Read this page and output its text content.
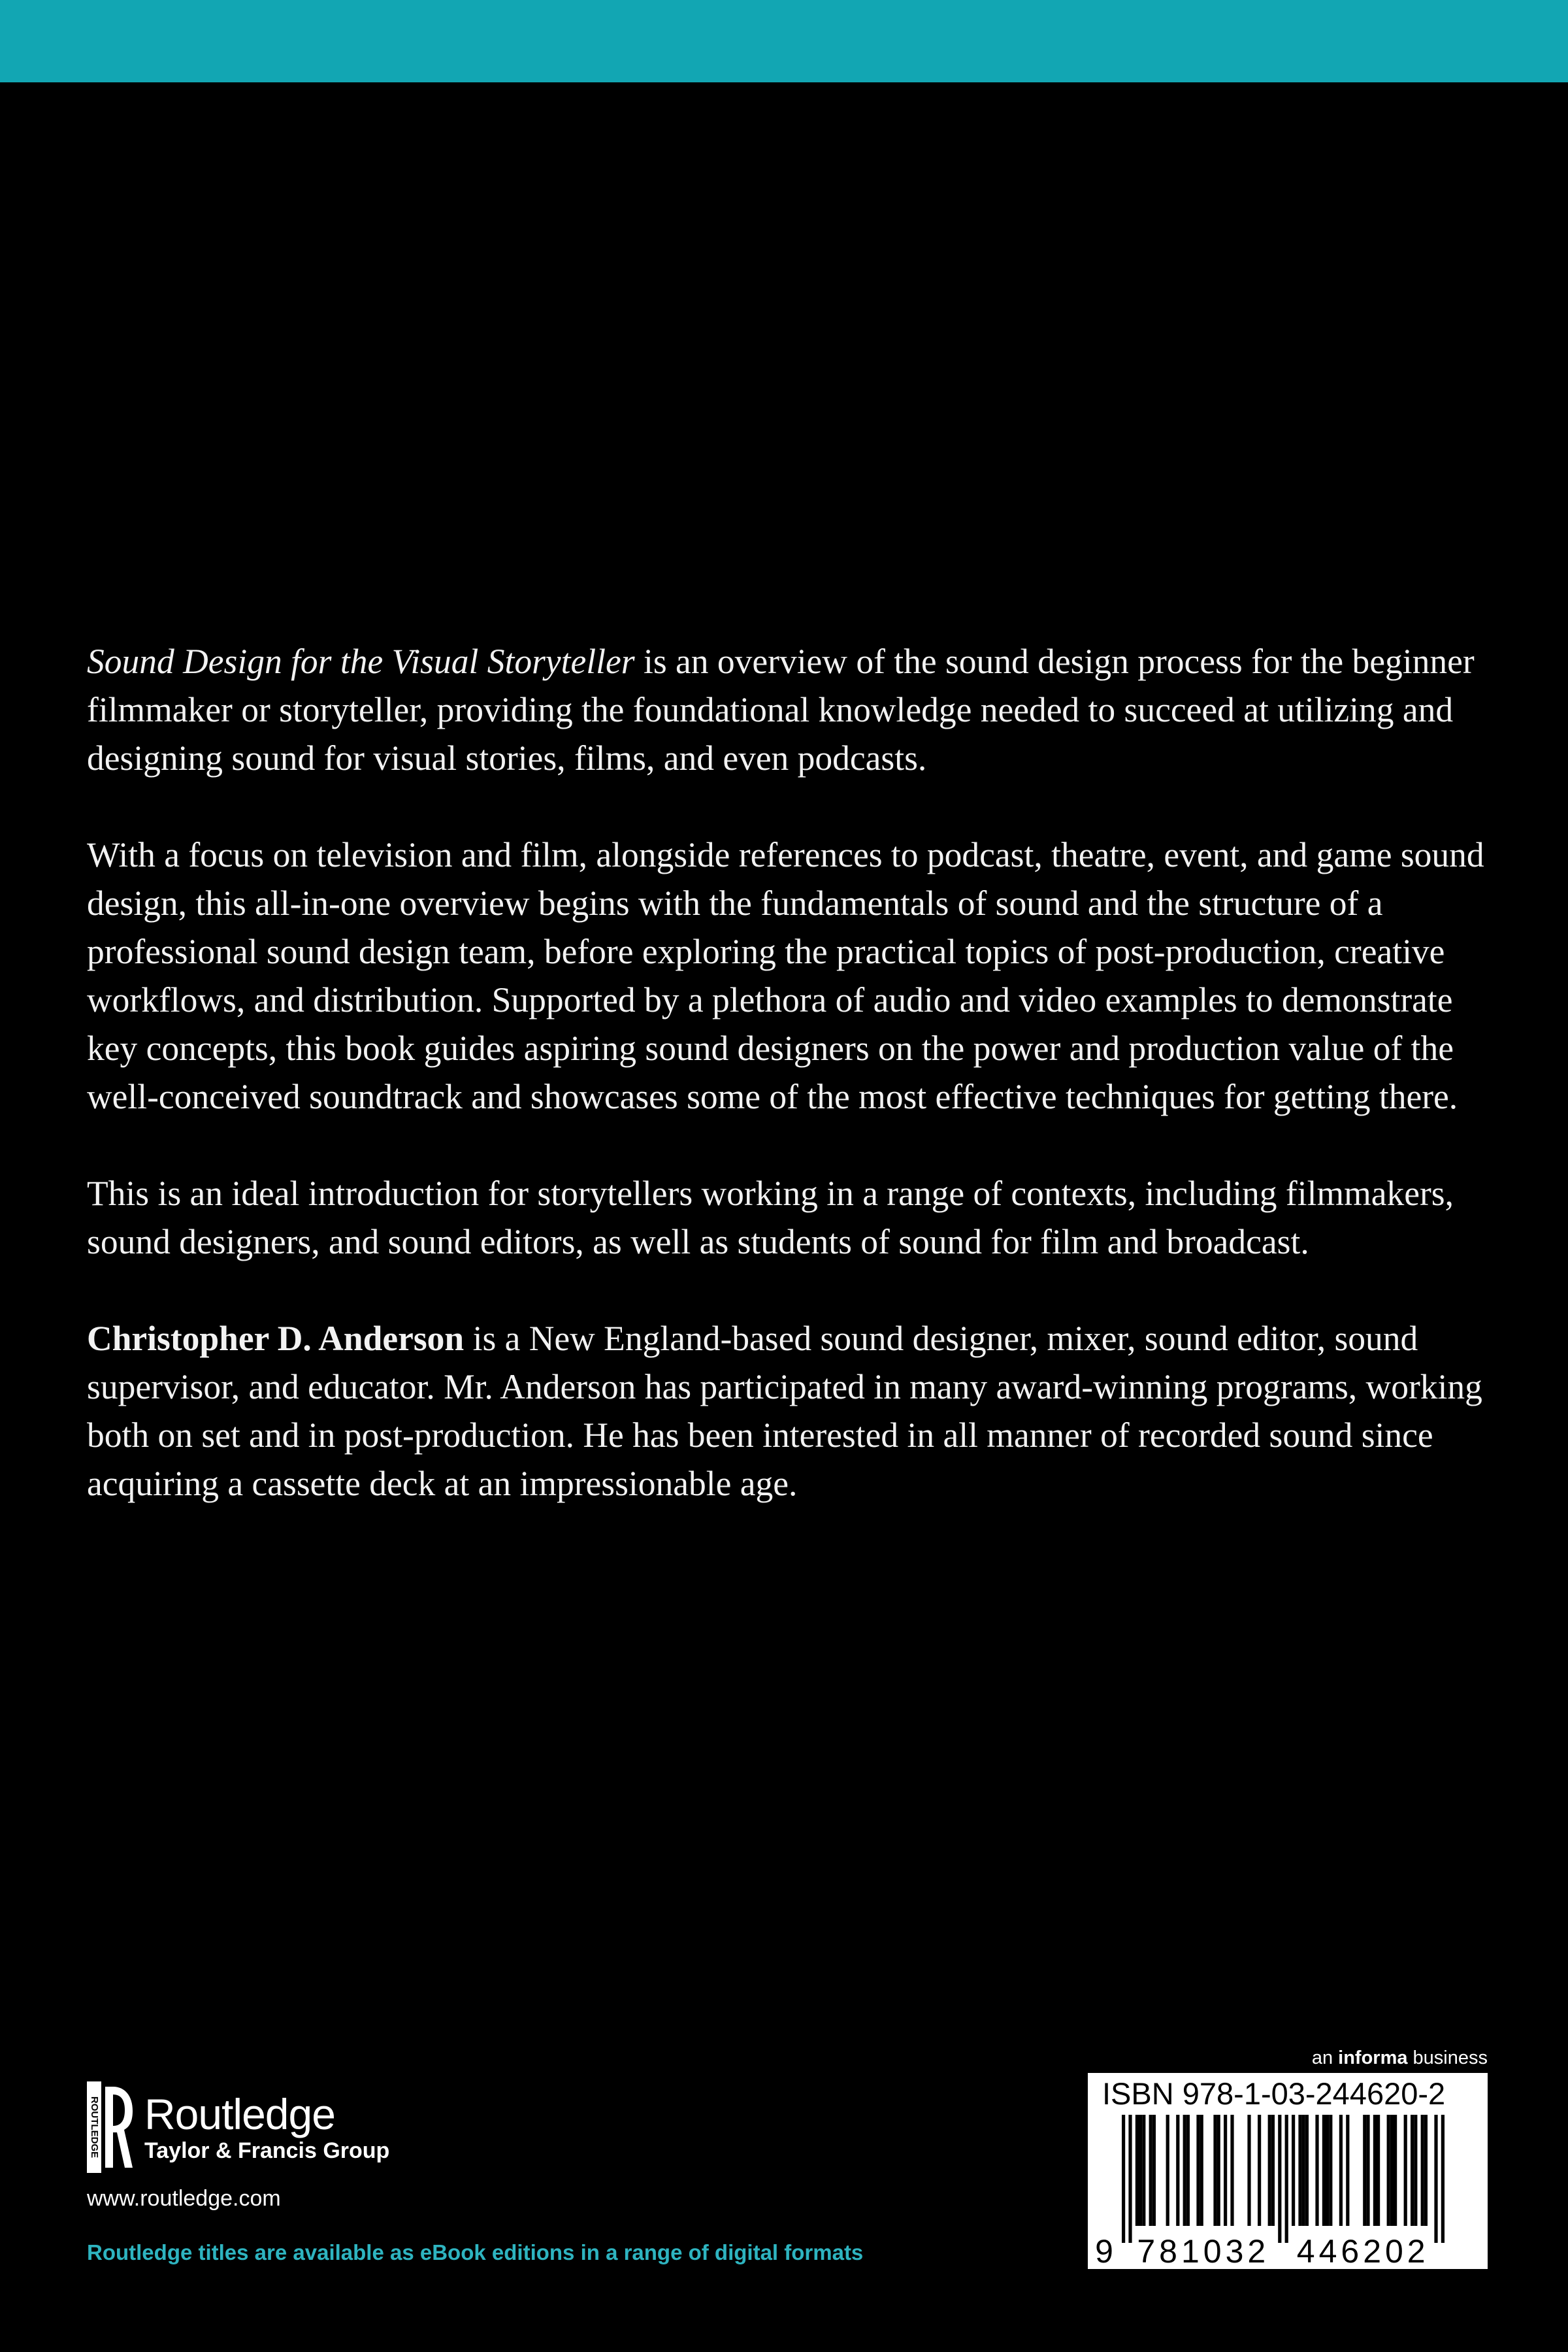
Sound Design for the Visual Storyteller is an overview of the sound design process for the beginner filmmaker or storyteller, providing the foundational knowledge needed to succeed at utilizing and designing sound for visual stories, films, and even podcasts.

With a focus on television and film, alongside references to podcast, theatre, event, and game sound design, this all-in-one overview begins with the fundamentals of sound and the structure of a professional sound design team, before exploring the practical topics of post-production, creative workflows, and distribution. Supported by a plethora of audio and video examples to demonstrate key concepts, this book guides aspiring sound designers on the power and production value of the well-conceived soundtrack and showcases some of the most effective techniques for getting there.

This is an ideal introduction for storytellers working in a range of contexts, including filmmakers, sound designers, and sound editors, as well as students of sound for film and broadcast.

Christopher D. Anderson is a New England-based sound designer, mixer, sound editor, sound supervisor, and educator. Mr. Anderson has participated in many award-winning programs, working both on set and in post-production. He has been interested in all manner of recorded sound since acquiring a cassette deck at an impressionable age.

ROUTLEDGE Routledge
Taylor & Francis Group
www.routledge.com
Routledge titles are available as eBook editions in a range of digital formats
an informa business
ISBN 978-1-03-244620-2
9 781032 446202
